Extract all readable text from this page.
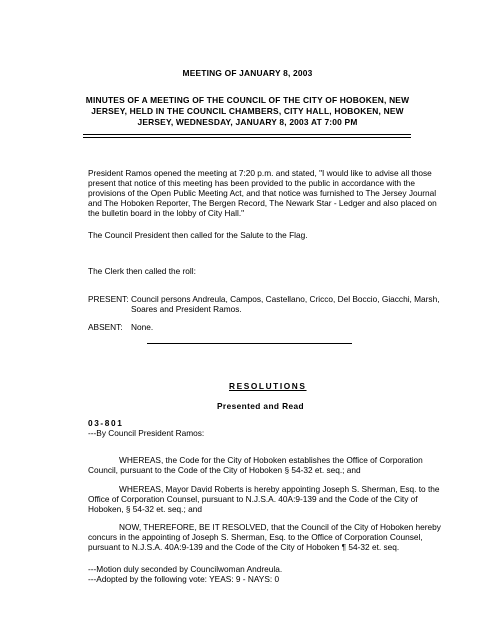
MEETING OF JANUARY 8, 2003

MINUTES OF A MEETING OF THE COUNCIL OF THE CITY OF HOBOKEN, NEW

JERSEY, HELD IN THE COUNCIL CHAMBERS, CITY HALL, HOBOKEN, NEW

JERSEY, WEDNESDAY, JANUARY 8, 2003 AT 7:00 PM

President Ramos opened the meeting at 7:20 p.m. and stated, "I would like to advise all those

present that notice of this meeting has been provided to the public in accordance with the

provisions of the Open Public Meeting Act, and that notice was furnished to The Jersey Journal

and The Hoboken Reporter, The Bergen Record, The Newark Star - Ledger and also placed on

the bulletin board in the lobby of City Hall."

The Council President then called for the Salute to the Flag.

The Clerk then called the roll:

PRESENT: Council persons Andreula, Campos, Castellano, Cricco, Del Boccio, Giacchi, Marsh,

Soares and President Ramos.

ABSENT: None.

RESOLUTIONS

Presented and Read

03-801

---By Council President Ramos:

WHEREAS, the Code for the City of Hoboken establishes the Office of Corporation

Council, pursuant to the Code of the City of Hoboken § 54-32 et. seq.; and

WHEREAS, Mayor David Roberts is hereby appointing Joseph S. Sherman, Esq. to the

Office of Corporation Counsel, pursuant to N.J.S.A. 40A:9-139 and the Code of the City of

Hoboken, § 54-32 et. seq.; and

NOW, THEREFORE, BE IT RESOLVED, that the Council of the City of Hoboken hereby

concurs in the appointing of Joseph S. Sherman, Esq. to the Office of Corporation Counsel,

pursuant to N.J.S.A. 40A:9-139 and the Code of the City of Hoboken ¶ 54-32 et. seq.

---Motion duly seconded by Councilwoman Andreula.

---Adopted by the following vote: YEAS: 9 - NAYS: 0
